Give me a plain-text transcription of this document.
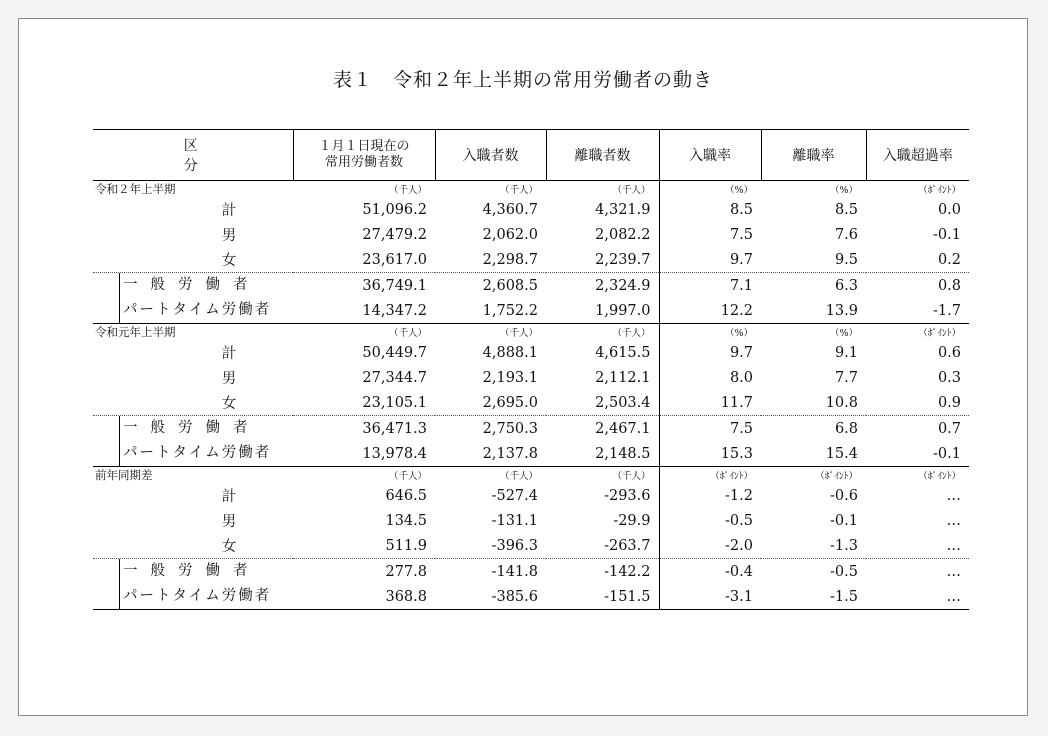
表１　令和２年上半期の常用労働者の動き
区　　分	１月１日現在の
常用労働者数	入職者数	離職者数	入職率	離職率	入職超過率
令和２年上半期	（千人）	（千人）	（千人）	（%）	（%）	（ﾎﾟｲﾝﾄ）
計	51,096.2	4,360.7	4,321.9	8.5	8.5	0.0
男	27,479.2	2,062.0	2,082.2	7.5	7.6	-0.1
女	23,617.0	2,298.7	2,239.7	9.7	9.5	0.2

一般労働者	36,749.1	2,608.5	2,324.9	7.1	6.3	0.8

パートタイム労働者	14,347.2	1,752.2	1,997.0	12.2	13.9	-1.7
令和元年上半期	（千人）	（千人）	（千人）	（%）	（%）	（ﾎﾟｲﾝﾄ）
計	50,449.7	4,888.1	4,615.5	9.7	9.1	0.6
男	27,344.7	2,193.1	2,112.1	8.0	7.7	0.3
女	23,105.1	2,695.0	2,503.4	11.7	10.8	0.9

一般労働者	36,471.3	2,750.3	2,467.1	7.5	6.8	0.7

パートタイム労働者	13,978.4	2,137.8	2,148.5	15.3	15.4	-0.1
前年同期差	（千人）	（千人）	（千人）	（ﾎﾟｲﾝﾄ）	（ﾎﾟｲﾝﾄ）	（ﾎﾟｲﾝﾄ）
計	646.5	-527.4	-293.6	-1.2	-0.6	…
男	134.5	-131.1	-29.9	-0.5	-0.1	…
女	511.9	-396.3	-263.7	-2.0	-1.3	…

一般労働者	277.8	-141.8	-142.2	-0.4	-0.5	…

パートタイム労働者	368.8	-385.6	-151.5	-3.1	-1.5	…
